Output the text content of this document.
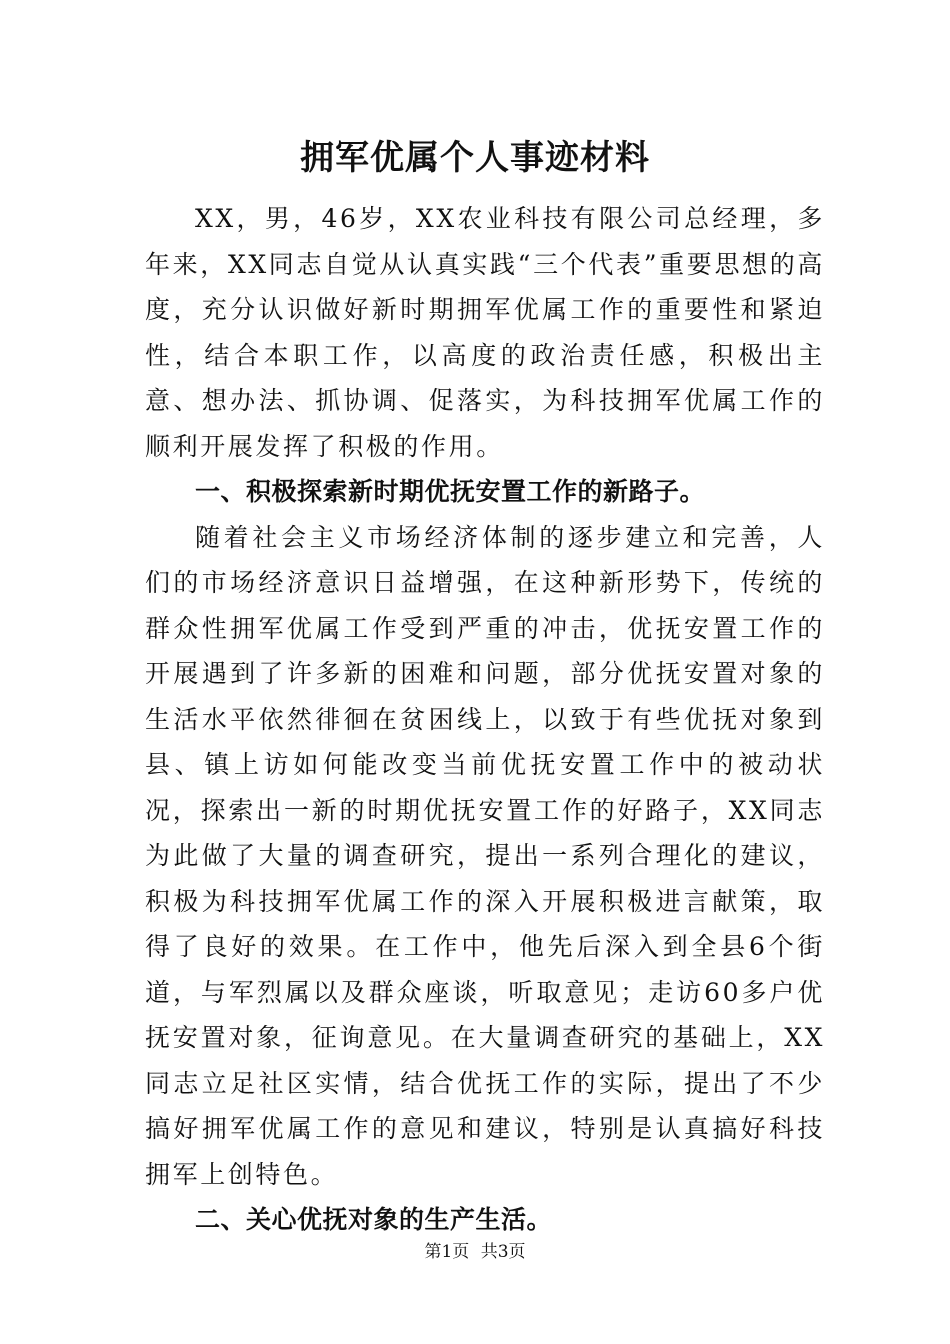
拥军优属个人事迹材料

XX，男，46岁，XX农业科技有限公司总经理，多年来，XX同志自觉从认真实践“三个代表”重要思想的高度，充分认识做好新时期拥军优属工作的重要性和紧迫性，结合本职工作，以高度的政治责任感，积极出主意、想办法、抓协调、促落实，为科技拥军优属工作的顺利开展发挥了积极的作用。

一、积极探索新时期优抚安置工作的新路子。

随着社会主义市场经济体制的逐步建立和完善，人们的市场经济意识日益增强，在这种新形势下，传统的群众性拥军优属工作受到严重的冲击，优抚安置工作的开展遇到了许多新的困难和问题，部分优抚安置对象的生活水平依然徘徊在贫困线上，以致于有些优抚对象到县、镇上访如何能改变当前优抚安置工作中的被动状况，探索出一新的时期优抚安置工作的好路子，XX同志为此做了大量的调查研究，提出一系列合理化的建议，积极为科技拥军优属工作的深入开展积极进言献策，取得了良好的效果。在工作中，他先后深入到全县6个街道，与军烈属以及群众座谈，听取意见；走访60多户优抚安置对象，征询意见。在大量调查研究的基础上，XX同志立足社区实情，结合优抚工作的实际，提出了不少搞好拥军优属工作的意见和建议，特别是认真搞好科技拥军上创特色。

二、关心优抚对象的生产生活。

第1页 共3页
